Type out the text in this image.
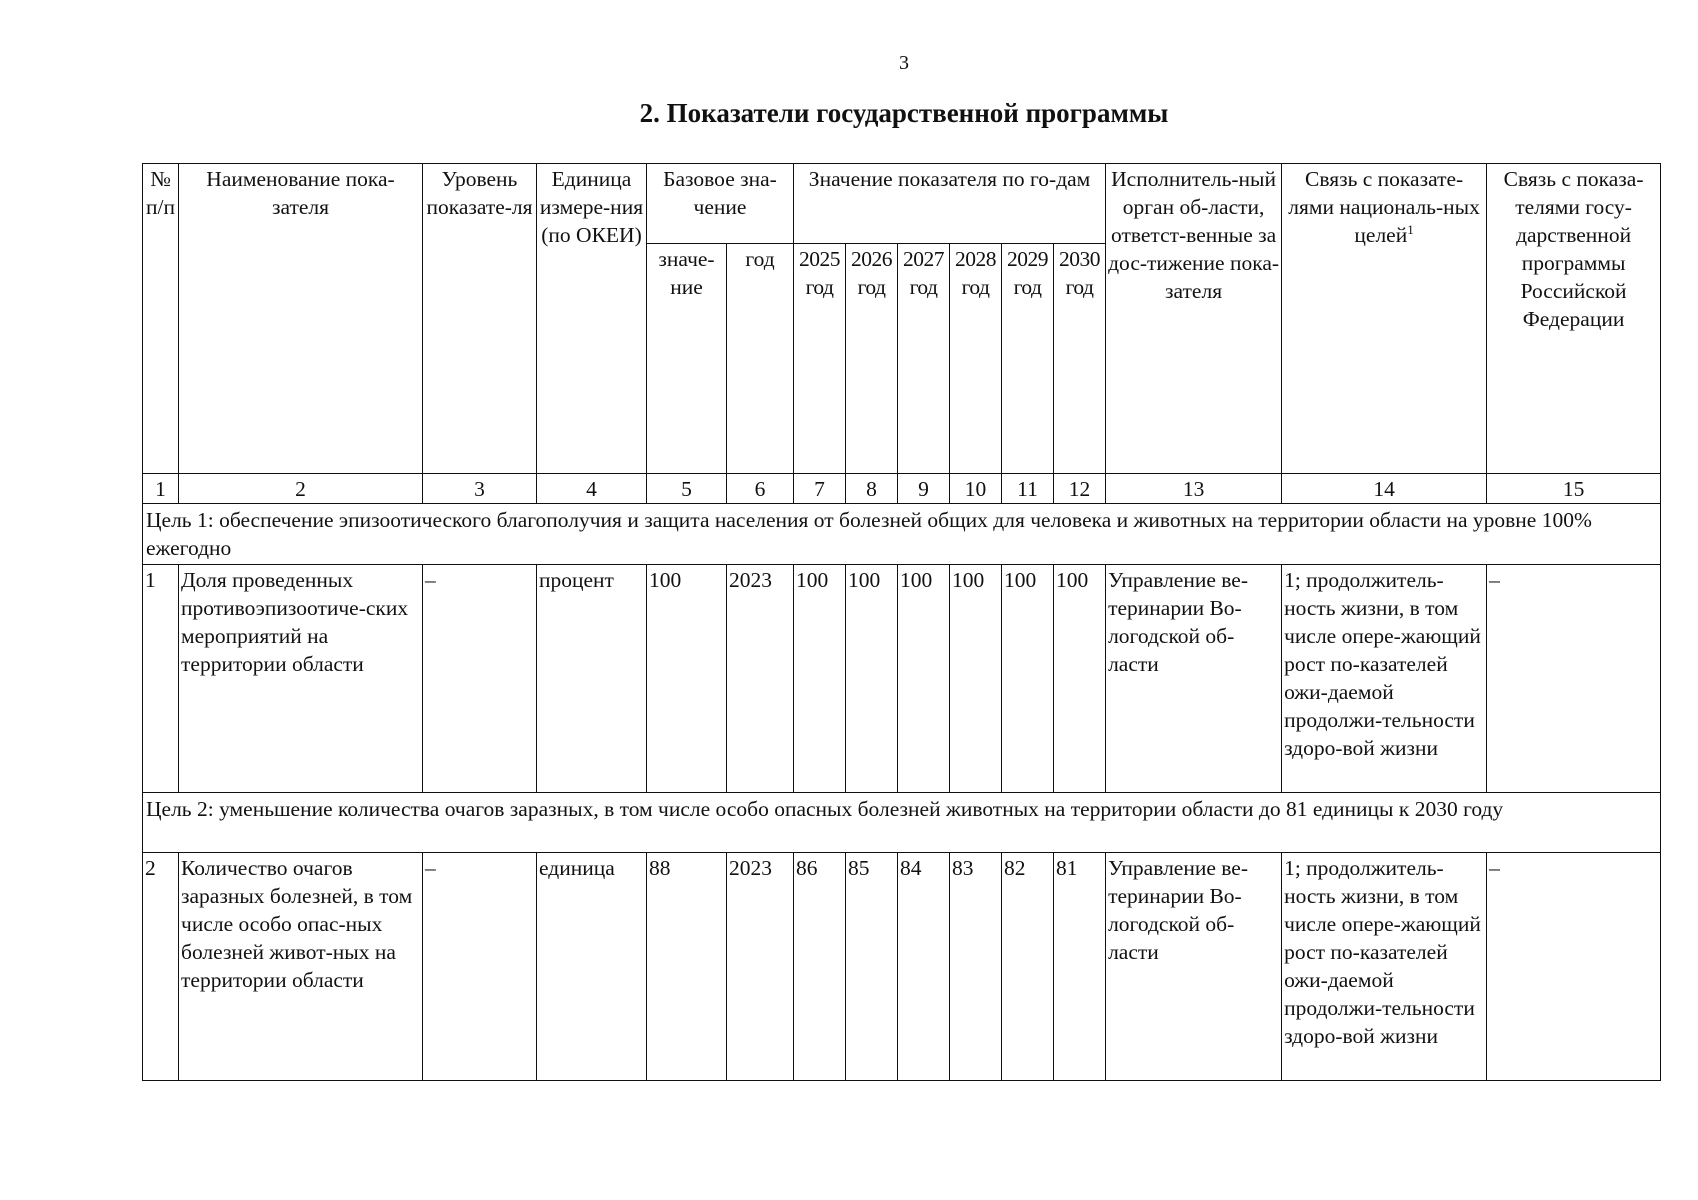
3
2. Показатели государственной программы
№ п/п	Наименование пока-зателя	Уровень показате-ля	Единица измере-ния (по ОКЕИ)	Базовое зна-чение		Значение показателя по го-дам						Исполнитель-ный орган об-ласти, ответст-венные за дос-тижение пока-зателя	Связь с показате-лями националь-ных целей$^1$	Связь с показа-телями госу-дарственной программы Российской Федерации
				значе-ние	год	2025 год	2026 год	2027 год	2028 год	2029 год	2030 год			
1	2	3	4	5	6	7	8	9	10	11	12	13	14	15
Цель 1: обеспечение эпизоотического благополучия и защита населения от болезней общих для человека и животных на территории области на уровне 100% ежегодно														
1	Доля проведенных противоэпизоотиче-ских мероприятий на территории области	–	процент	100	2023	100	100	100	100	100	100	Управление ве-теринарии Во-логодской об-ласти	1; продолжитель-ность жизни, в том числе опере-жающий рост по-казателей ожи-даемой продолжи-тельности здоро-вой жизни	–
Цель 2: уменьшение количества очагов заразных, в том числе особо опасных болезней животных на территории области до 81 единицы к 2030 году														
2	Количество очагов заразных болезней, в том числе особо опас-ных болезней живот-ных на территории области	–	единица	88	2023	86	85	84	83	82	81	Управление ве-теринарии Во-логодской об-ласти	1; продолжитель-ность жизни, в том числе опере-жающий рост по-казателей ожи-даемой продолжи-тельности здоро-вой жизни	–
